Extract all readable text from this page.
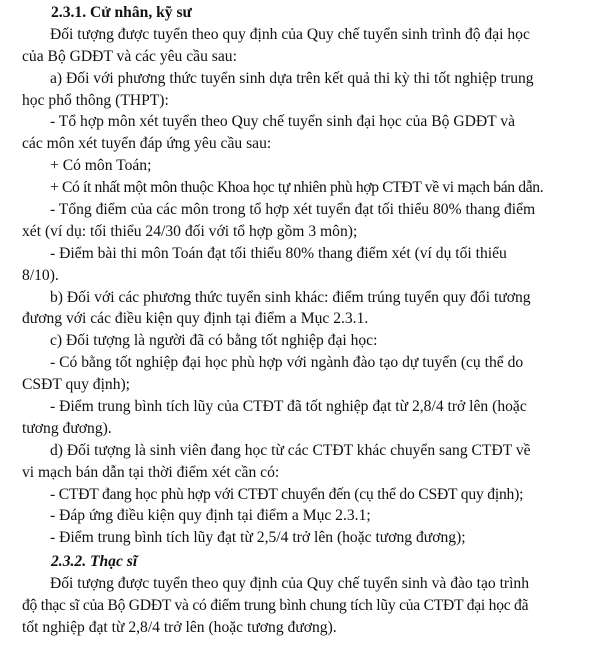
2.3.1. Cử nhân, kỹ sư
Đối tượng được tuyển theo quy định của Quy chế tuyển sinh trình độ đại học
của Bộ GDĐT và các yêu cầu sau:
a) Đối với phương thức tuyển sinh dựa trên kết quả thi kỳ thi tốt nghiệp trung
học phổ thông (THPT):
- Tổ hợp môn xét tuyển theo Quy chế tuyển sinh đại học của Bộ GDĐT và
các môn xét tuyển đáp ứng yêu cầu sau:
+ Có môn Toán;
+ Có ít nhất một môn thuộc Khoa học tự nhiên phù hợp CTĐT về vi mạch bán dẫn.
- Tổng điểm của các môn trong tổ hợp xét tuyển đạt tối thiểu 80% thang điểm
xét (ví dụ: tối thiểu 24/30 đối với tổ hợp gồm 3 môn);
- Điểm bài thi môn Toán đạt tối thiểu 80% thang điểm xét (ví dụ tối thiểu
8/10).
b) Đối với các phương thức tuyển sinh khác: điểm trúng tuyển quy đổi tương
đương với các điều kiện quy định tại điểm a Mục 2.3.1.
c) Đối tượng là người đã có bằng tốt nghiệp đại học:
- Có bằng tốt nghiệp đại học phù hợp với ngành đào tạo dự tuyển (cụ thể do
CSĐT quy định);
- Điểm trung bình tích lũy của CTĐT đã tốt nghiệp đạt từ 2,8/4 trở lên (hoặc
tương đương).
d) Đối tượng là sinh viên đang học từ các CTĐT khác chuyển sang CTĐT về
vi mạch bán dẫn tại thời điểm xét cần có:
- CTĐT đang học phù hợp với CTĐT chuyển đến (cụ thể do CSĐT quy định);
- Đáp ứng điều kiện quy định tại điểm a Mục 2.3.1;
- Điểm trung bình tích lũy đạt từ 2,5/4 trở lên (hoặc tương đương);
2.3.2. Thạc sĩ
Đối tượng được tuyển theo quy định của Quy chế tuyển sinh và đào tạo trình
độ thạc sĩ của Bộ GDĐT và có điểm trung bình chung tích lũy của CTĐT đại học đã
tốt nghiệp đạt từ 2,8/4 trở lên (hoặc tương đương).
